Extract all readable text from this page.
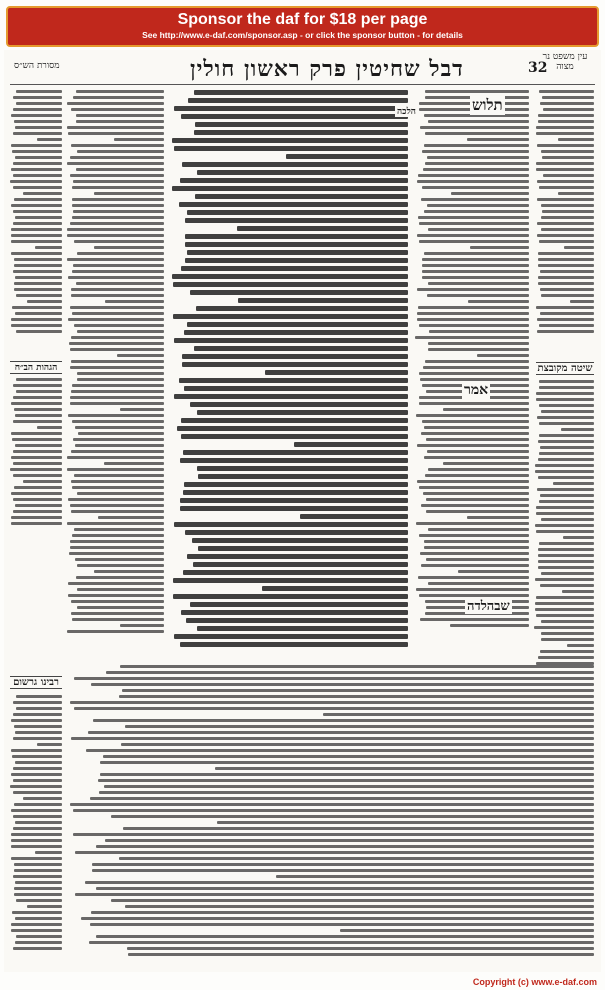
Sponsor the daf for $18 per page
See http://www.e-daf.com/sponsor.asp - or click the sponsor button - for details
עין משפט נר מצוה
32
דבל שחיטין פרק ראשון חולין
מסורת הש״ס
תלוש
אמר
שבהלדה
הלכה
שיטה מקובצת
הגהות הב״ח
רבינו גרשום
Copyright (c) www.e-daf.com
